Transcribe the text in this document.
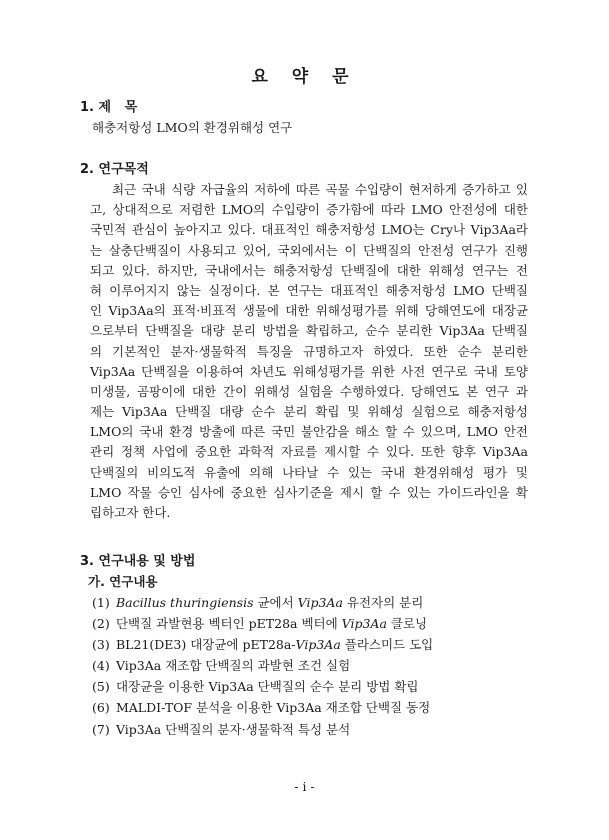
요 약 문
1. 제   목
해충저항성 LMO의 환경위해성 연구
2. 연구목적
최근 국내 식량 자급율의 저하에 따른 곡물 수입량이 현저하게 증가하고 있
고, 상대적으로 저렴한 LMO의 수입량이 증가함에 따라 LMO 안전성에 대한
국민적 관심이 높아지고 있다. 대표적인 해충저항성 LMO는 Cry나 Vip3Aa라
는 살충단백질이 사용되고 있어, 국외에서는 이 단백질의 안전성 연구가 진행
되고 있다. 하지만, 국내에서는 해충저항성 단백질에 대한 위해성 연구는 전
혀 이루어지지 않는 실정이다. 본 연구는 대표적인 해충저항성 LMO 단백질
인 Vip3Aa의 표적·비표적 생물에 대한 위해성평가를 위해 당해연도에 대장균
으로부터 단백질을 대량 분리 방법을 확립하고, 순수 분리한 Vip3Aa 단백질
의 기본적인 분자·생물학적 특징을 규명하고자 하였다. 또한 순수 분리한
Vip3Aa 단백질을 이용하여 차년도 위해성평가를 위한 사전 연구로 국내 토양
미생물, 곰팡이에 대한 간이 위해성 실험을 수행하였다. 당해연도 본 연구 과
제는 Vip3Aa 단백질 대량 순수 분리 확립 및 위해성 실험으로 해충저항성
LMO의 국내 환경 방출에 따른 국민 불안감을 해소 할 수 있으며, LMO 안전
관리 정책 사업에 중요한 과학적 자료를 제시할 수 있다. 또한 향후 Vip3Aa
단백질의 비의도적 유출에 의해 나타날 수 있는 국내 환경위해성 평가 및
LMO 작물 승인 심사에 중요한 심사기준을 제시 할 수 있는 가이드라인을 확
립하고자 한다.
3. 연구내용 및 방법
가. 연구내용
(1) Bacillus thuringiensis 균에서 Vip3Aa 유전자의 분리
(2) 단백질 과발현용 벡터인 pET28a 벡터에 Vip3Aa 클로닝
(3) BL21(DE3) 대장균에 pET28a-Vip3Aa 플라스미드 도입
(4) Vip3Aa 재조합 단백질의 과발현 조건 실험
(5) 대장균을 이용한 Vip3Aa 단백질의 순수 분리 방법 확립
(6) MALDI-TOF 분석을 이용한 Vip3Aa 재조합 단백질 동정
(7) Vip3Aa 단백질의 분자·생물학적 특성 분석
- i -
